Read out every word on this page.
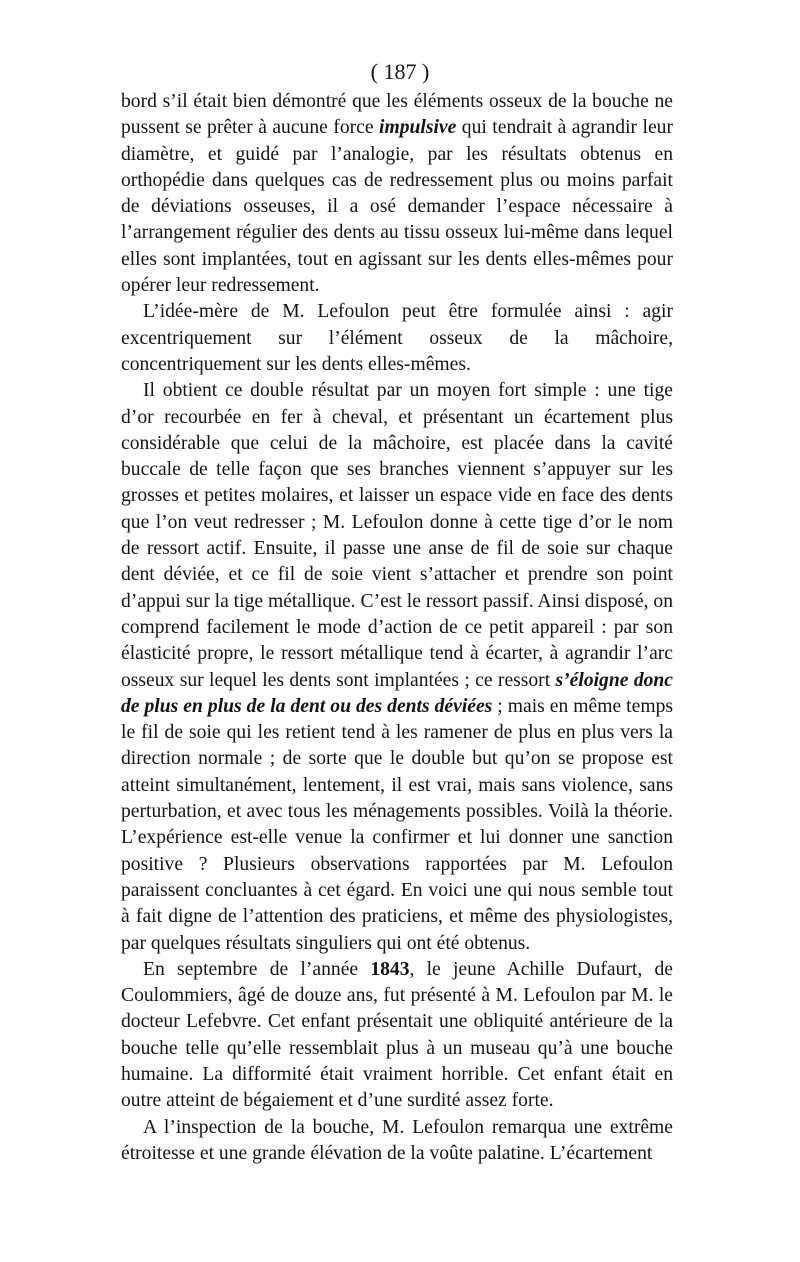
( 187 )

bord s’il était bien démontré que les éléments osseux de la bouche ne pussent se prêter à aucune force impulsive qui tendrait à agrandir leur diamètre, et guidé par l’analogie, par les résultats obtenus en orthopédie dans quelques cas de redressement plus ou moins parfait de déviations osseuses, il a osé demander l’espace nécessaire à l’arrangement régulier des dents au tissu osseux lui-même dans lequel elles sont implantées, tout en agissant sur les dents elles-mêmes pour opérer leur redressement.

L’idée-mère de M. Lefoulon peut être formulée ainsi : agir excentriquement sur l’élément osseux de la mâchoire, concentriquement sur les dents elles-mêmes.

Il obtient ce double résultat par un moyen fort simple : une tige d’or recourbée en fer à cheval, et présentant un écartement plus considérable que celui de la mâchoire, est placée dans la cavité buccale de telle façon que ses branches viennent s’appuyer sur les grosses et petites molaires, et laisser un espace vide en face des dents que l’on veut redresser ; M. Lefoulon donne à cette tige d’or le nom de ressort actif. Ensuite, il passe une anse de fil de soie sur chaque dent déviée, et ce fil de soie vient s’attacher et prendre son point d’appui sur la tige métallique. C’est le ressort passif. Ainsi disposé, on comprend facilement le mode d’action de ce petit appareil : par son élasticité propre, le ressort métallique tend à écarter, à agrandir l’arc osseux sur lequel les dents sont implantées ; ce ressort s’éloigne donc de plus en plus de la dent ou des dents déviées ; mais en même temps le fil de soie qui les retient tend à les ramener de plus en plus vers la direction normale ; de sorte que le double but qu’on se propose est atteint simultanément, lentement, il est vrai, mais sans violence, sans perturbation, et avec tous les ménagements possibles. Voilà la théorie. L’expérience est-elle venue la confirmer et lui donner une sanction positive ? Plusieurs observations rapportées par M. Lefoulon paraissent concluantes à cet égard. En voici une qui nous semble tout à fait digne de l’attention des praticiens, et même des physiologistes, par quelques résultats singuliers qui ont été obtenus.

En septembre de l’année 1843, le jeune Achille Dufaurt, de Coulommiers, âgé de douze ans, fut présenté à M. Lefoulon par M. le docteur Lefebvre. Cet enfant présentait une obliquité antérieure de la bouche telle qu’elle ressemblait plus à un museau qu’à une bouche humaine. La difformité était vraiment horrible. Cet enfant était en outre atteint de bégaiement et d’une surdité assez forte.

A l’inspection de la bouche, M. Lefoulon remarqua une extrême étroitesse et une grande élévation de la voûte palatine. L’écartement
